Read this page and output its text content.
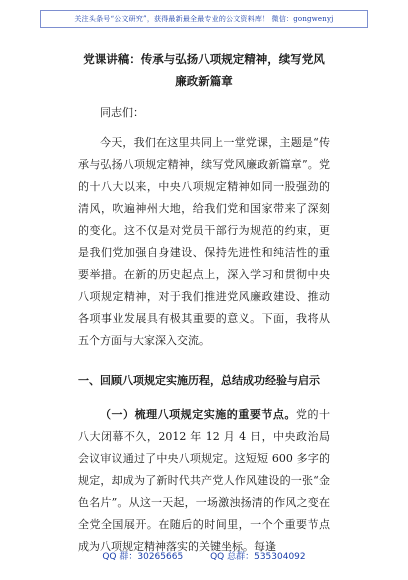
关注头条号“公文研究”，获得最新最全最专业的公文资料库！ 微信：gongwenyj

党课讲稿：传承与弘扬八项规定精神，续写党风廉政新篇章

同志们：

今天，我们在这里共同上一堂党课，主题是“传承与弘扬八项规定精神，续写党风廉政新篇章”。党的十八大以来，中央八项规定精神如同一股强劲的清风，吹遍神州大地，给我们党和国家带来了深刻的变化。这不仅是对党员干部行为规范的约束，更是我们党加强自身建设、保持先进性和纯洁性的重要举措。在新的历史起点上，深入学习和贯彻中央八项规定精神，对于我们推进党风廉政建设、推动各项事业发展具有极其重要的意义。下面，我将从五个方面与大家深入交流。

一、回顾八项规定实施历程，总结成功经验与启示

（一）梳理八项规定实施的重要节点。党的十八大闭幕不久，2012 年 12 月 4 日，中央政治局会议审议通过了中央八项规定。这短短 600 多字的规定，却成为了新时代共产党人作风建设的一张“金色名片”。从这一天起，一场激浊扬清的作风之变在全党全国展开。在随后的时间里，一个个重要节点成为八项规定精神落实的关键坐标。每逢

QQ 群：30265665	QQ 总群：535304092
